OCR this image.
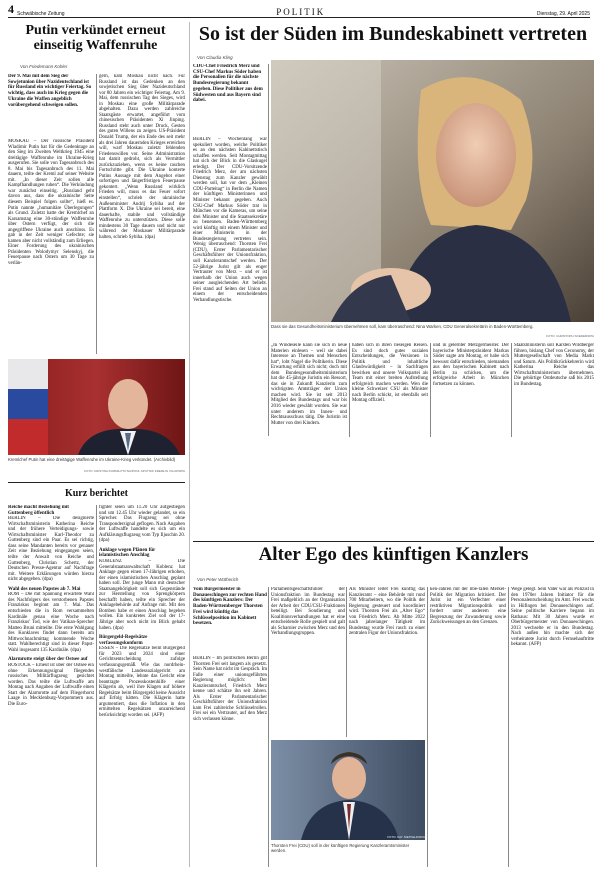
4 Schwäbische Zeitung	POLITIK	Dienstag, 29. April 2025
Putin verkündet erneut einseitig Waffenruhe
Von Friedemann Kohler
Der 9. Mai mit dem Sieg der Sowjetunion über Nazideutschland ist für Russland ein wichtiger Feiertag. So wichtig, dass auch im Krieg gegen die Ukraine die Waffen angeblich vorübergehend schweigen sollen.
MOSKAU – Der russische Präsident Wladimir Putin hat für die Gedenktage an den Sieg im Zweiten Weltkrieg 1945 eine dreitägige Waffenruhe im Ukraine-Krieg ausgerufen. Sie solle von Tagesanbruch des 8. Mai bis Tagesanbruch des 11. Mai dauern, teilte der Kreml auf seiner Website mit. „In dieser Zeit sollen alle Kampfhandlungen ruhen“. Die Verkündung war zunächst einseitig. „Russland geht davon aus, dass die ukrainische Seite diesem Beispiel folgen sollte“, hieß es. Putin nannte „humanitäre Überlegungen“ als Grund. Zuletzt hatte der Kremlchef an Karsamstag eine 30-stündige Waffenruhe über Ostern verfügt, der sich die angegriffene Ukraine auch anschloss. Es gab in der Zeit weniger Gefechte; sie kamen aber nicht vollständig zum Erliegen. Einer Forderung des ukrainischen Präsidenten Wolodymyr Selenskyj, die Feuerpause nach Ostern um 30 Tage zu verlän-
gern, kam Moskau nicht nach. Für Russland ist das Gedenken an den sowjetischen Sieg über Nazideutschland vor 80 Jahren ein wichtiger Feiertag. Am 9. Mai, dem russischen Tag des Sieges, wird in Moskau eine große Militärparade abgehalten. Dazu werden zahlreiche Staatsgäste erwartet, angeführt vom chinesischen Präsidenten Xi Jinping. Russland steht auch unter Druck, Gesten des guten Willens zu zeigen. US-Präsident Donald Trump, der ein Ende des seit mehr als drei Jahren dauernden Krieges erreichen will, warf Moskau zuletzt fehlenden Friedenswillen vor. Seine Administration hat damit gedroht, sich als Vermittler zurückzuziehen, wenn es keine raschen Fortschritte gibt. Die Ukraine konterte Putins Aussage mit dem Angebot einer sofortigen und längerfristigen Feuerpause gekontert. „Wenn Russland wirklich Frieden will, muss es das Feuer sofort einstellen“, schrieb der ukrainische Außenminister Andrij Sybiha auf der Plattform X. Die Ukraine sei bereit, eine dauerhafte, stabile und vollständige Waffenruhe zu unterstützen. Diese solle mindestens 30 Tage dauern und nicht nur während der Moskauer Militärparade halten, schrieb Sybiha. (dpa)
Kremlchef Putin hat eine dreitägige Waffenruhe im Ukraine-Krieg verkündet. (Archivbild)
FOTO: KRISTINA KORMILITSYNA/POOL SPUTNIK KREMLIN VIA AP/DPA
Kurz berichtet
Reiche macht Beziehung mit Guttenberg öffentlich
BERLIN – Die designierte Wirtschaftsministerin Katherina Reiche und der frühere Verteidigungs- sowie Wirtschaftsminister Karl-Theodor zu Guttenberg sind ein Paar. Es sei richtig, dass seine Mandanten bereits vor genauer Zeit eine Beziehung eingegangen seien, teilte der Anwalt von Reiche und Guttenberg, Christian Schertz, der Deutschen Presse-Agentur auf Nachfrage mit. Weitere Erklärungen würden hierzu nicht abgegeben. (dpa)
Wahl des neuen Papstes ab 7. Mai
ROM – Die mit Spannung erwartete Wahl des Nachfolgers des verstorbenen Papstes Franziskus beginnt am 7. Mai. Das entschieden die in Rom versammelten Kardinäle genau eine Woche nach Franziskus' Tod, wie der Vatikan-Sprecher Matteo Bruni mitteilte. Die erste Wahlgang des Konklaves findet dann bereits am Mittwochnachmittag kommende Woche statt. Wahlberechtigt sind in dieser Papst-Wahl insgesamt 135 Kardinäle. (dpa)
Alarmrotte steigt über der Ostsee auf
ROSTOCK – Erneut ist über der Ostsee ein ohne Erkennungssignal fliegendes russisches Militärflugzeug gesichtet worden. Das teilte die Luftwaffe am Montag nach Angaben der Luftwaffe einen Start der Alarmrotte auf dem Fliegerhorst Laage in Mecklenburg-Vorpommern aus. Die Euro-
fighter seien um 11.20 Uhr aufgestiegen und um 12.45 Uhr wieder gelandet, so ein Sprecher. Das Flugzeug sei ohne Transpondersignal geflogen. Nach Angaben der Luftwaffe handelte es sich um ein Aufklärungsflugzeug vom Typ Iljuschin 20. (dpa)
Anklage wegen Plänen für islamistischen Anschlag
KOBLENZ – Die Generalstaatsanwaltschaft Koblenz hat Anklage gegen einen 17-Jährigen erhoben, der einen islamistischen Anschlag geplant haben soll. Der junge Mann mit deutscher Staatsangehörigkeit soll sich Gegenstände zur Herstellung von Sprengkörpern beschafft haben, teilte ein Sprecher der Anklagebehörde auf Anfrage mit. Mit den Bomben habe er einen Anschlag begehen wollen. Ein konkretes Ziel soll der 17-Jährige aber noch nicht im Blick gehabt haben. (dpa)
Bürgergeld-Regelsätze verfassungskonform
ESSEN – Die Regelsätze beim Bürgergeld für 2023 und 2024 sind einer Gerichtsentscheidung zufolge verfassungsgemäß. Wie das nordrhein-westfälische Landessozialgericht am Montag mitteilte, lehnte das Gericht eine beantragte Prozesskostenhilfe einer Klägerin ab, weil ihre Klagen auf höhere Regelsätze beim Bürgergeld keine Aussicht auf Erfolg hätten. Die Klägerin hatte argumentiert, dass die Inflation in den ermittelten Regelsätzen unzureichend berücksichtigt worden sei. (AFP)
So ist der Süden im Bundeskabinett vertreten
Von Claudia Kling
CDU-Chef Friedrich Merz und CSU-Chef Markus Söder haben die Personalien für die nächste Bundesregierung bekannt gegeben. Diese Politiker aus dem Südwesten und aus Bayern sind dabei.
BERLIN – Wochenlang war spekuliert worden, welche Politiker es an den nächsten Kabinettstisch schaffen werden. Seit Montagmittag hat sich der Blick in die Glaskugel erledigt. Der CDU-Vorsitzende Friedrich Merz, der am nächsten Dienstag zum Kanzler gewählt werden soll, hat vor dem „Kleinen CDU-Parteitag“ in Berlin die Namen der künftigen Ministerinnen und Minister bekannt gegeben. Auch CSU-Chef Markus Söder trat in München vor die Kameras, um seine drei Minister und die Staatssekretäre zu benennen. Baden-Württemberg wird künftig mit einem Minister und einer Ministerin in der Bundesregierung vertreten sein. Wenig überraschend: Thorsten Frei (CDU), Erster Parlamentarischer Geschäftsführer der Unionsfraktion, soll Kanzleramtschef werden. Der 52-jährige Jurist gilt als enger Vertrauter von Merz – und er ist innerhalb der Union auch wegen seiner ausgleichenden Art beliebt. Frei stand auf Seiten der Union an einem der entscheidenden Verhandlungstische.
Dass sie das Gesundheitsministerium übernehmen soll, kam überraschend: Nina Warken, CDU Generalsekretärin in Baden-Württemberg.
FOTO: CHRISTOPH SOEDER/DPA
„In Windeseile kann sie sich in neue Materien einlesen – weil sie dabei Interesse an Themen und Menschen hat“, lobt Nagel die Politikerin. Diese Erwartung erfüllt sich nicht; doch mit dem Bundesgesundheitsministerium hat die 45-jährige Juristin ein Ressort, das sie in Zukunft Kanzlerin zum wichtigsten Amtsträger der Union machen wird. Sie ist seit 2013 Mitglied des Bundestags und war bis 2016 wieder gewählt worden. Sie war unter anderem im Innen- und Rechtsausschuss tätig. Die Juristin ist Mutter von drei Kindern.
haben sich in ihren rieseigen Reisen. Es sind doch gutes sozialen Entscheidungen, die Versionen in Politik und inhaltliche Glaubwürdigkeit – in Sachfragen bewirken und unsere Volkspartei als Team mit einer breiten Aufstellung erfolgreich machen werden. Wen die kleine Schweizer CSU als Minister nach Berlin schickt, ist ebenfalls seit Montag offiziell.
und in gelernter Metzgermeister. Der bayerische Ministerpräsident Markus Söder sagte am Montag, er habe sich bewusst dafür entschieden, niemanden aus den bayerischen Kabinett nach Berlin zu schicken, um die erfolgreiche Arbeit in München fortsetzen zu können.
Staatsministerin soll Karsten Wildberger führen, bislang Chef von Ceconomy, der Muttergesellschaft von Media Markt und Saturn. Als Politikrückkehrerin wird Katherina Reiche das Wirtschaftsministerium übernehmen. Die gebürtige Ostdeutsche saß bis 2015 im Bundestag.
Alter Ego des künftigen Kanzlers
Von Peter Wütherich
Vom Bürgermeister in Donaueschingen zur rechten Hand des künftigen Kanzlers: Der Baden-Württemberger Thorsten Frei wird künftig das Schlüsselposition im Kabinett besetzen.
BERLIN – Im politischen Berlin gilt Thorsten Frei seit langem als gesetzt. Sein Name hat nicht im Gespräch. Im Falle einer unionsgeführten Regierung möglich: Der Kanzleramtschef, Friedrich Merz kenne und schätze ihn seit Jahren. Als Erster Parlamentarischer Geschäftsführer der Unionsfraktion kam Frei zahlreiche Schlüsselrollen. Frei sei ein Vertrauter, auf den Merz sich verlassen könne.
Parlamentsgeschäftsführer der Unionsfraktion im Bundestag war Frei maßgeblich an der Organisation der Arbeit der CDU/CSU-Fraktionen beteiligt. Bei Sondierung und Koalitionsverhandlungen hat er eine entscheidende Rolle gespielt und galt als Scharnier zwischen Merz und den Verhandlungsgruppen.
Als Minister leitet Frei künftig das Kanzleramt – eine Behörde mit rund 700 Mitarbeitern, wo die Politik der Regierung gesteuert und koordiniert wird. Thorsten Frei als „Alter Ego“ von Friedrich Merz. Ab Mitte 2022 nach jahrelanger Tätigkeit im Bundestag wurde Frei rasch zu einer zentralen Figur der Unionsfraktion.
Thorsten Frei (CDU) soll in der künftigen Regierung Kanzleramtsminister werden.
FOTO: KAY NIETFELD/DPA
ken-Jahren mit der libe-ralen Merkel-Politik der Migration kritisiert. Der Jurist ist ein Verfechter einer restriktiven Migrationspolitik und fordert unter anderem eine Begrenzung der Zuwanderung sowie Zurückweisungen an den Grenzen.
Wege gelegt. Sein Vater war als Polizist in den 1970er Jahren Initiator für die Personalentscheidung im Amt. Frei wuchs in Hüfingen bei Donaueschingen auf. Seine politische Karriere begann im Rathaus: Mit 30 Jahren wurde er Oberbürgermeister von Donaueschingen. 2013 wechselte er in den Bundestag. Nach außen hin machte sich der verheiratete Jurist durch Fernsehauftritte bekannt. (AFP)
